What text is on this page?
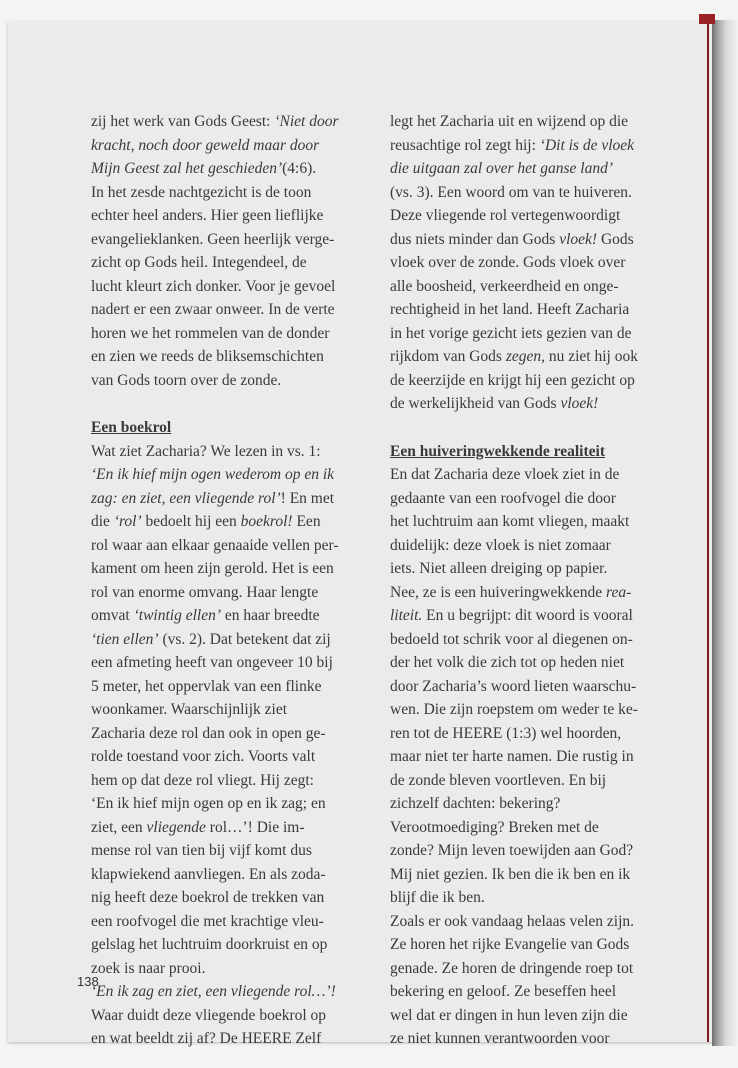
zij het werk van Gods Geest: ‘Niet door

kracht, noch door geweld maar door

Mijn Geest zal het geschieden’(4:6).

In het zesde nachtgezicht is de toon

echter heel anders. Hier geen lieflijke

evangelieklanken. Geen heerlijk verge-

zicht op Gods heil. Integendeel, de

lucht kleurt zich donker. Voor je gevoel

nadert er een zwaar onweer. In de verte

horen we het rommelen van de donder

en zien we reeds de bliksemschichten

van Gods toorn over de zonde.

Een boekrol

Wat ziet Zacharia? We lezen in vs. 1:

‘En ik hief mijn ogen wederom op en ik

zag: en ziet, een vliegende rol’! En met

die ‘rol’ bedoelt hij een boekrol! Een

rol waar aan elkaar genaaide vellen per-

kament om heen zijn gerold. Het is een

rol van enorme omvang. Haar lengte

omvat ‘twintig ellen’ en haar breedte

‘tien ellen’ (vs. 2). Dat betekent dat zij

een afmeting heeft van ongeveer 10 bij

5 meter, het oppervlak van een flinke

woonkamer. Waarschijnlijk ziet

Zacharia deze rol dan ook in open ge-

rolde toestand voor zich. Voorts valt

hem op dat deze rol vliegt. Hij zegt:

‘En ik hief mijn ogen op en ik zag; en

ziet, een vliegende rol…’! Die im-

mense rol van tien bij vijf komt dus

klapwiekend aanvliegen. En als zoda-

nig heeft deze boekrol de trekken van

een roofvogel die met krachtige vleu-

gelslag het luchtruim doorkruist en op

zoek is naar prooi.

‘En ik zag en ziet, een vliegende rol…’!

Waar duidt deze vliegende boekrol op

en wat beeldt zij af? De HEERE Zelf

legt het Zacharia uit en wijzend op die

reusachtige rol zegt hij: ‘Dit is de vloek

die uitgaan zal over het ganse land’

(vs. 3). Een woord om van te huiveren.

Deze vliegende rol vertegenwoordigt

dus niets minder dan Gods vloek! Gods

vloek over de zonde. Gods vloek over

alle boosheid, verkeerdheid en onge-

rechtigheid in het land. Heeft Zacharia

in het vorige gezicht iets gezien van de

rijkdom van Gods zegen, nu ziet hij ook

de keerzijde en krijgt hij een gezicht op

de werkelijkheid van Gods vloek!

Een huiveringwekkende realiteit

En dat Zacharia deze vloek ziet in de

gedaante van een roofvogel die door

het luchtruim aan komt vliegen, maakt

duidelijk: deze vloek is niet zomaar

iets. Niet alleen dreiging op papier.

Nee, ze is een huiveringwekkende rea-

liteit. En u begrijpt: dit woord is vooral

bedoeld tot schrik voor al diegenen on-

der het volk die zich tot op heden niet

door Zacharia’s woord lieten waarschu-

wen. Die zijn roepstem om weder te ke-

ren tot de HEERE (1:3) wel hoorden,

maar niet ter harte namen. Die rustig in

de zonde bleven voortleven. En bij

zichzelf dachten: bekering?

Verootmoediging? Breken met de

zonde? Mijn leven toewijden aan God?

Mij niet gezien. Ik ben die ik ben en ik

blijf die ik ben.

Zoals er ook vandaag helaas velen zijn.

Ze horen het rijke Evangelie van Gods

genade. Ze horen de dringende roep tot

bekering en geloof. Ze beseffen heel

wel dat er dingen in hun leven zijn die

ze niet kunnen verantwoorden voor

138
